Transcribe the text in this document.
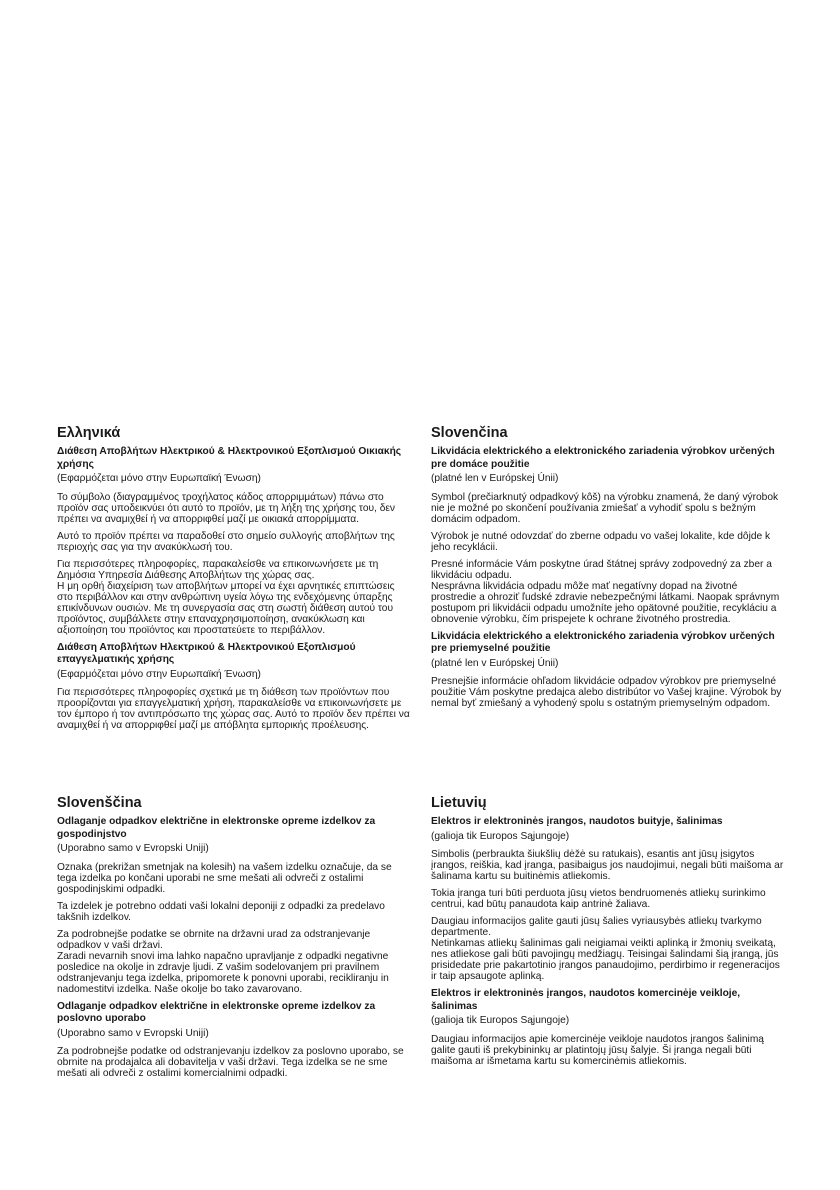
Ελληνικά
Διάθεση Αποβλήτων Ηλεκτρικού & Ηλεκτρονικού Εξοπλισμού Οικιακής χρήσης
(Εφαρμόζεται μόνο στην Ευρωπαϊκή Ένωση)

Το σύμβολο (διαγραμμένος τροχήλατος κάδος απορριμμάτων) πάνω στο προϊόν σας υποδεικνύει ότι αυτό το προϊόν, με τη λήξη της χρήσης του, δεν πρέπει να αναμιχθεί ή να απορριφθεί μαζί με οικιακά απορρίμματα.

Αυτό το προϊόν πρέπει να παραδοθεί στο σημείο συλλογής αποβλήτων της περιοχής σας για την ανακύκλωσή του.

Για περισσότερες πληροφορίες, παρακαλείσθε να επικοινωνήσετε με τη Δημόσια Υπηρεσία Διάθεσης Αποβλήτων της χώρας σας.
Η μη ορθή διαχείριση των αποβλήτων μπορεί να έχει αρνητικές επιπτώσεις στο περιβάλλον και στην ανθρώπινη υγεία λόγω της ενδεχόμενης ύπαρξης επικίνδυνων ουσιών. Με τη συνεργασία σας στη σωστή διάθεση αυτού του προϊόντος, συμβάλλετε στην επαναχρησιμοποίηση, ανακύκλωση και αξιοποίηση του προϊόντος και προστατεύετε το περιβάλλον.

Διάθεση Αποβλήτων Ηλεκτρικού & Ηλεκτρονικού Εξοπλισμού επαγγελματικής χρήσης
(Εφαρμόζεται μόνο στην Ευρωπαϊκή Ένωση)

Για περισσότερες πληροφορίες σχετικά με τη διάθεση των προϊόντων που προορίζονται για επαγγελματική χρήση, παρακαλείσθε να επικοινωνήσετε με τον έμπορο ή τον αντιπρόσωπο της χώρας σας. Αυτό το προϊόν δεν πρέπει να αναμιχθεί ή να απορριφθεί μαζί με απόβλητα εμπορικής προέλευσης.

Slovenčina
Likvidácia elektrického a elektronického zariadenia výrobkov určených pre domáce použitie
(platné len v Európskej Únii)

Symbol (prečiarknutý odpadkový kôš) na výrobku znamená, že daný výrobok nie je možné po skončení používania zmiešať a vyhodiť spolu s bežným domácim odpadom.

Výrobok je nutné odovzdať do zberne odpadu vo vašej lokalite, kde dôjde k jeho recyklácii.

Presné informácie Vám poskytne úrad štátnej správy zodpovedný za zber a likvidáciu odpadu.
Nesprávna likvidácia odpadu môže mať negatívny dopad na životné prostredie a ohroziť ľudské zdravie nebezpečnými látkami. Naopak správnym postupom pri likvidácii odpadu umožníte jeho opätovné použitie, recykláciu a obnovenie výrobku, čím prispejete k ochrane životného prostredia.

Likvidácia elektrického a elektronického zariadenia výrobkov určených pre priemyselné použitie
(platné len v Európskej Únii)

Presnejšie informácie ohľadom likvidácie odpadov výrobkov pre priemyselné použitie Vám poskytne predajca alebo distribútor vo Vašej krajine. Výrobok by nemal byť zmiešaný a vyhodený spolu s ostatným priemyselným odpadom.

Slovenščina
Odlaganje odpadkov električne in elektronske opreme izdelkov za gospodinjstvo
(Uporabno samo v Evropski Uniji)

Oznaka (prekrižan smetnjak na kolesih) na vašem izdelku označuje, da se tega izdelka po končani uporabi ne sme mešati ali odvreči z ostalimi gospodinjskimi odpadki.

Ta izdelek je potrebno oddati vaši lokalni deponiji z odpadki za predelavo takšnih izdelkov.

Za podrobnejše podatke se obrnite na državni urad za odstranjevanje odpadkov v vaši državi.
Zaradi nevarnih snovi ima lahko napačno upravljanje z odpadki negativne posledice na okolje in zdravje ljudi. Z vašim sodelovanjem pri pravilnem odstranjevanju tega izdelka, pripomorete k ponovni uporabi, recikliranju in nadomestitvi izdelka. Naše okolje bo tako zavarovano.

Odlaganje odpadkov električne in elektronske opreme izdelkov za poslovno uporabo
(Uporabno samo v Evropski Uniji)

Za podrobnejše podatke od odstranjevanju izdelkov za poslovno uporabo, se obrnite na prodajalca ali dobavitelja v vaši državi. Tega izdelka se ne sme mešati ali odvreči z ostalimi komercialnimi odpadki.

Lietuvių
Elektros ir elektroninės įrangos, naudotos buityje, šalinimas
(galioja tik Europos Sąjungoje)

Simbolis (perbraukta šiukšlių dėžė su ratukais), esantis ant jūsų įsigytos įrangos, reiškia, kad įranga, pasibaigus jos naudojimui, negali būti maišoma ar šalinama kartu su buitinėmis atliekomis.

Tokia įranga turi būti perduota jūsų vietos bendruomenės atliekų surinkimo centrui, kad būtų panaudota kaip antrinė žaliava.

Daugiau informacijos galite gauti jūsų šalies vyriausybės atliekų tvarkymo departmente.
Netinkamas atliekų šalinimas gali neigiamai veikti aplinką ir žmonių sveikatą, nes atliekose gali būti pavojingų medžiagų. Teisingai šalindami šią įrangą, jūs prisidedate prie pakartotinio įrangos panaudojimo, perdirbimo ir regeneracijos ir taip apsaugote aplinką.

Elektros ir elektroninės įrangos, naudotos komercinėje veikloje, šalinimas
(galioja tik Europos Sąjungoje)

Daugiau informacijos apie komercinėje veikloje naudotos įrangos šalinimą galite gauti iš prekybininkų ar platintojų jūsų šalyje. Ši įranga negali būti maišoma ar išmetama kartu su komercinėmis atliekomis.
